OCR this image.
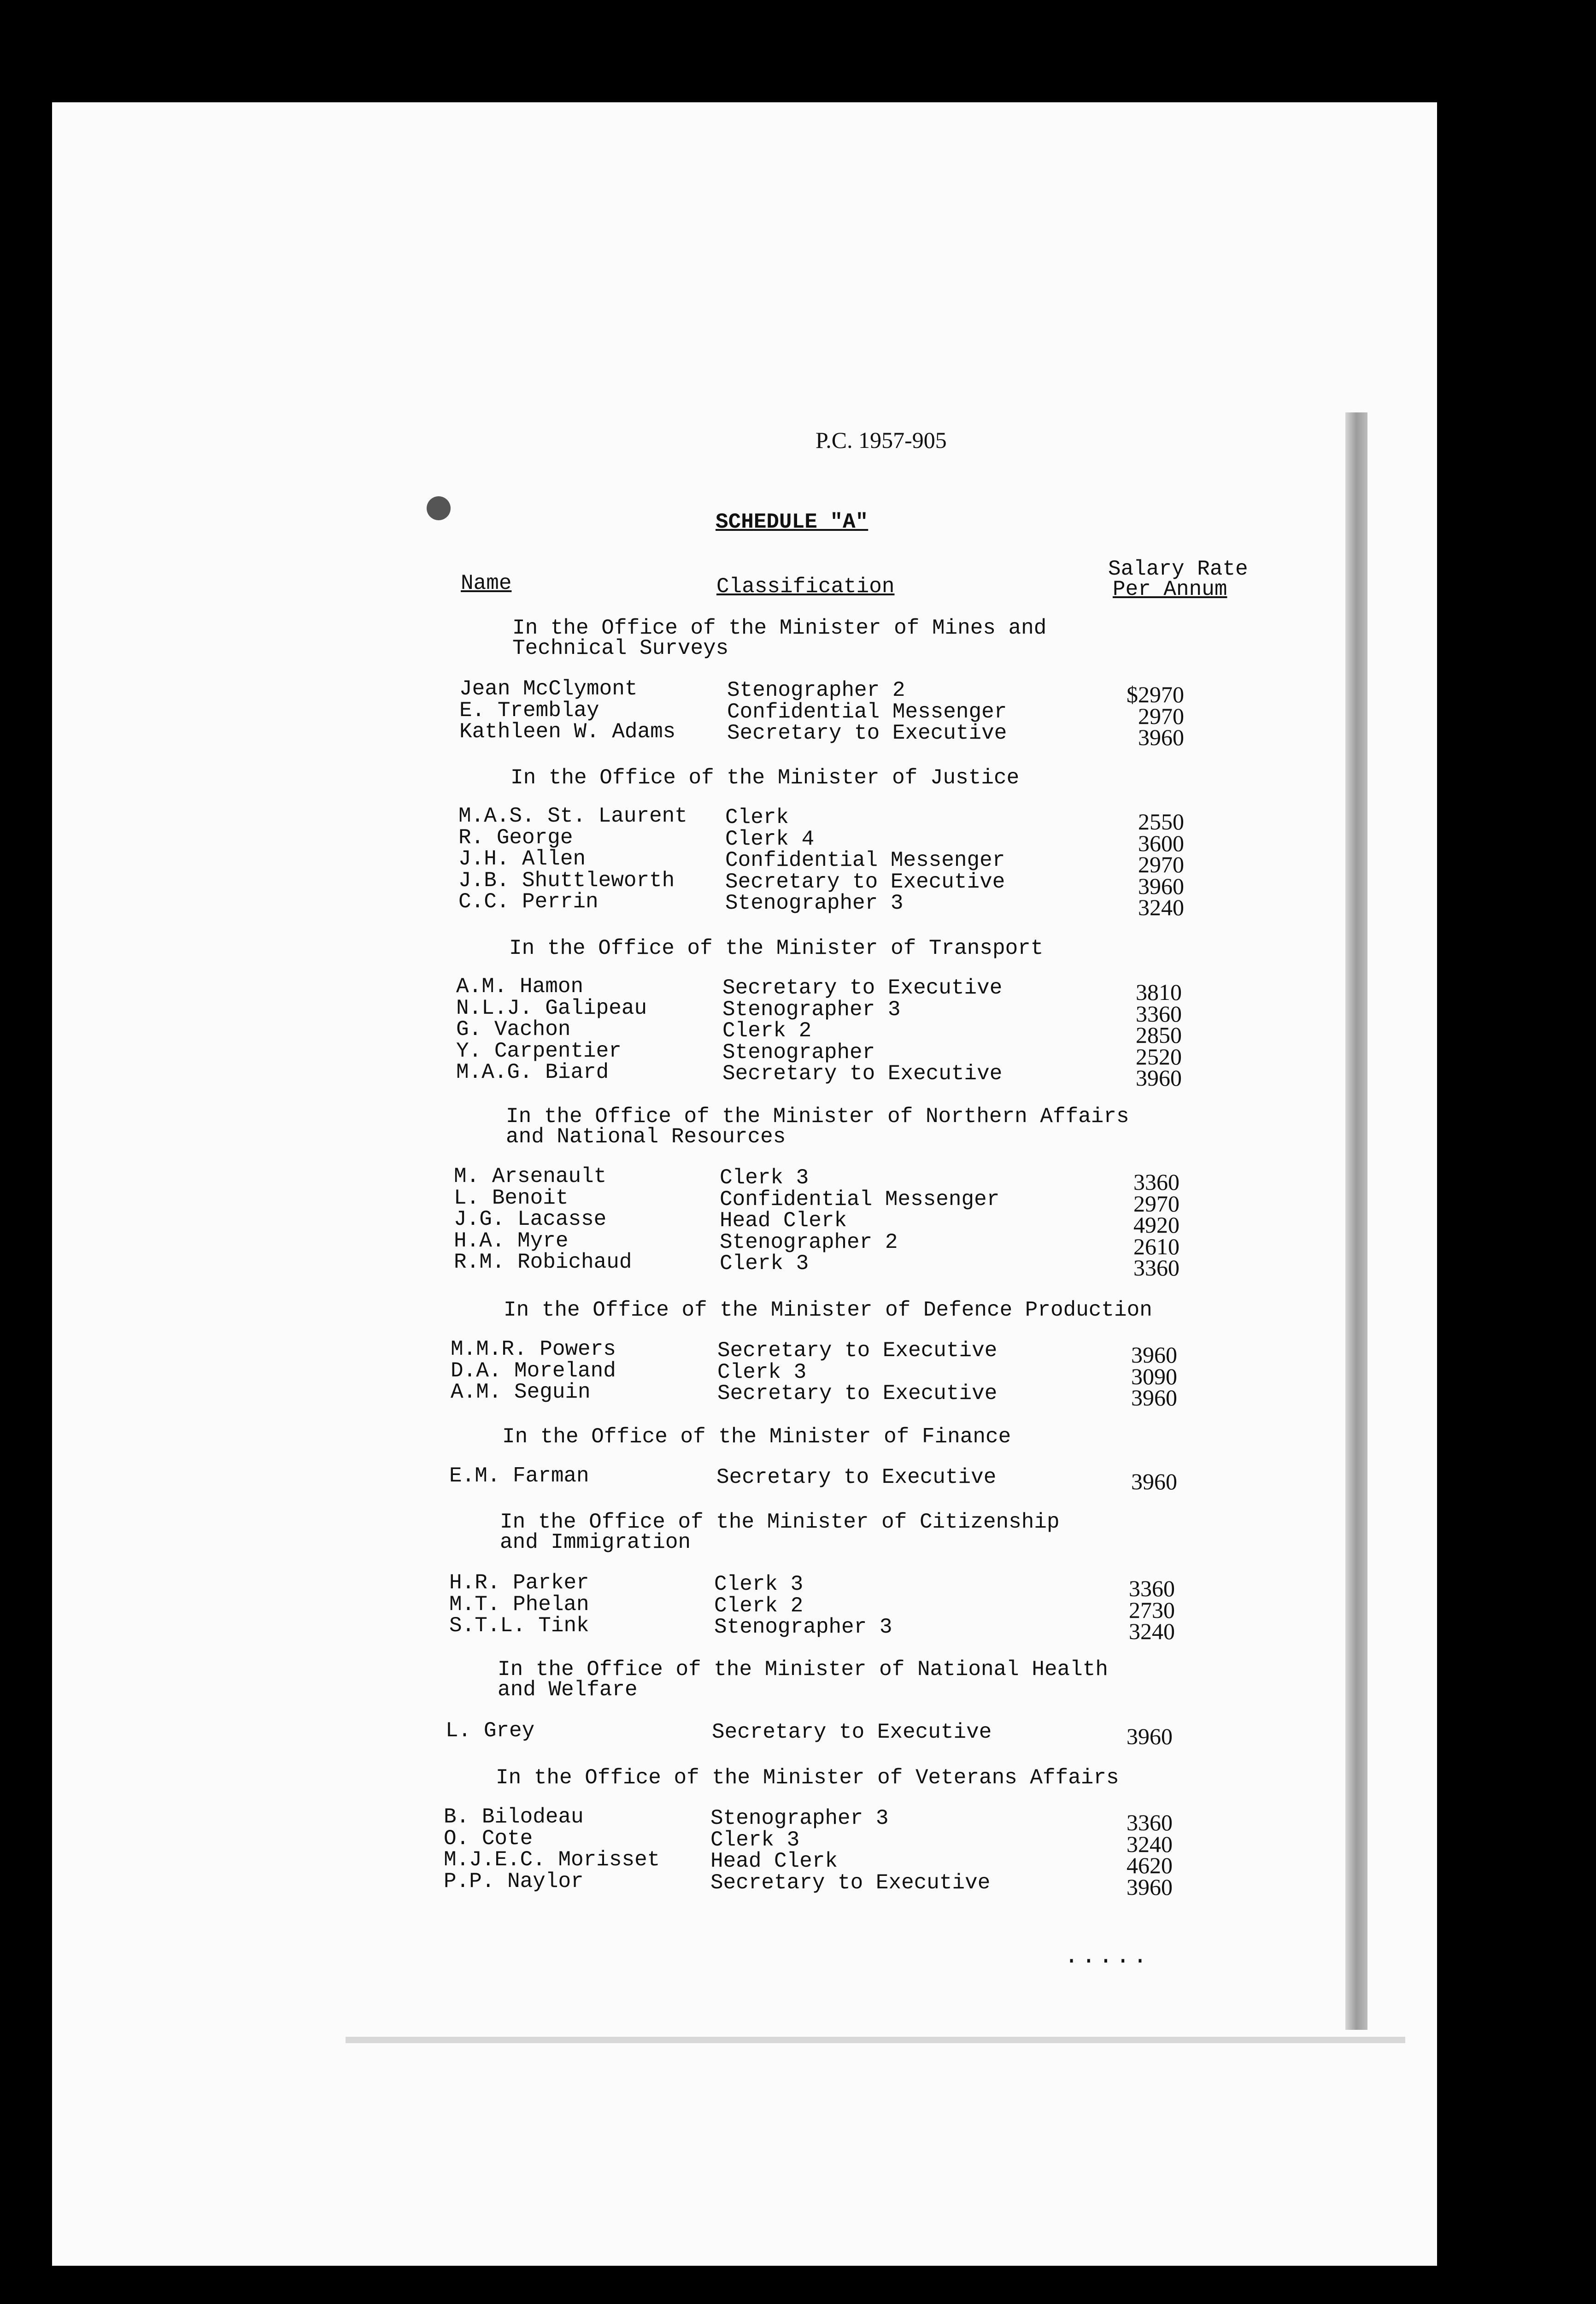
P.C. 1957-905
SCHEDULE "A"
Name	Classification
Salary Rate
Per Annum
In the Office of the Minister of Mines and
Technical Surveys
Jean McClymont	Stenographer 2	$2970
E. Tremblay	Confidential Messenger	2970
Kathleen W. Adams Secretary to Executive	3960
In the Office of the Minister of Justice
M.A.S. St. Laurent Clerk	2550
R. George	Clerk 4	3600
J.H. Allen	Confidential Messenger	2970
J.B. Shuttleworth Secretary to Executive	3960
C.C. Perrin	Stenographer 3	3240
In the Office of the Minister of Transport
A.M. Hamon	Secretary to Executive	3810
N.L.J. Galipeau	Stenographer 3	3360
G. Vachon	Clerk 2	2850
Y. Carpentier	Stenographer	2520
M.A.G. Biard	Secretary to Executive	3960
In the Office of the Minister of Northern Affairs
and National Resources
M. Arsenault	Clerk 3	3360
L. Benoit	Confidential Messenger	2970
J.G. Lacasse	Head Clerk	4920
H.A. Myre	Stenographer 2	2610
R.M. Robichaud	Clerk 3	3360
In the Office of the Minister of Defence Production
M.M.R. Powers	Secretary to Executive	3960
D.A. Moreland	Clerk 3	3090
A.M. Seguin	Secretary to Executive	3960
In the Office of the Minister of Finance
E.M. Farman	Secretary to Executive	3960
In the Office of the Minister of Citizenship
and Immigration
H.R. Parker	Clerk 3	3360
M.T. Phelan	Clerk 2	2730
S.T.L. Tink	Stenographer 3	3240
In the Office of the Minister of National Health
and Welfare
L. Grey	Secretary to Executive	3960
In the Office of the Minister of Veterans Affairs
B. Bilodeau	Stenographer 3	3360
O. Cote	Clerk 3	3240
M.J.E.C. Morisset Head Clerk	4620
P.P. Naylor	Secretary to Executive	3960
.....
